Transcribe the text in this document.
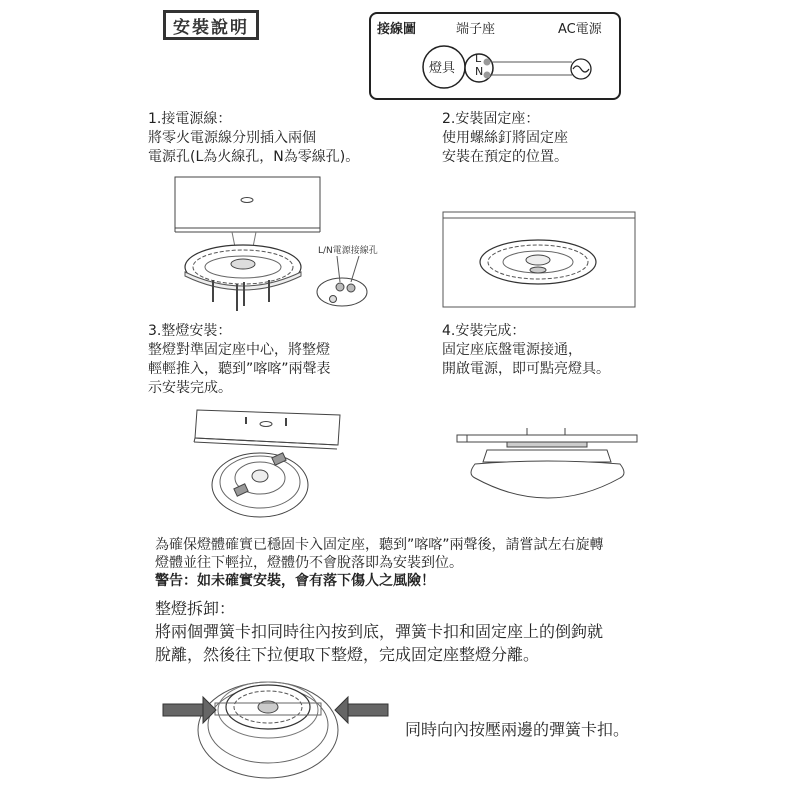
安裝說明	接線圖	端子座	AC電源
燈具
L
N
1.接電源線：
將零火電源線分別插入兩個
電源孔(L為火線孔，N為零線孔)。
2.安裝固定座：
使用螺絲釘將固定座
安裝在預定的位置。
L/N電源接線孔
3.整燈安裝：
整燈對準固定座中心，將整燈
輕輕推入，聽到”喀喀”兩聲表
示安裝完成。
4.安裝完成：
固定座底盤電源接通，
開啟電源，即可點亮燈具。
為確保燈體確實已穩固卡入固定座，聽到”喀喀”兩聲後，請嘗試左右旋轉
燈體並往下輕拉，燈體仍不會脫落即為安裝到位。
警告：如未確實安裝，會有落下傷人之風險！
整燈拆卸：
將兩個彈簧卡扣同時往內按到底，彈簧卡扣和固定座上的倒鉤就
脫離，然後往下拉便取下整燈，完成固定座整燈分離。
同時向內按壓兩邊的彈簧卡扣。
